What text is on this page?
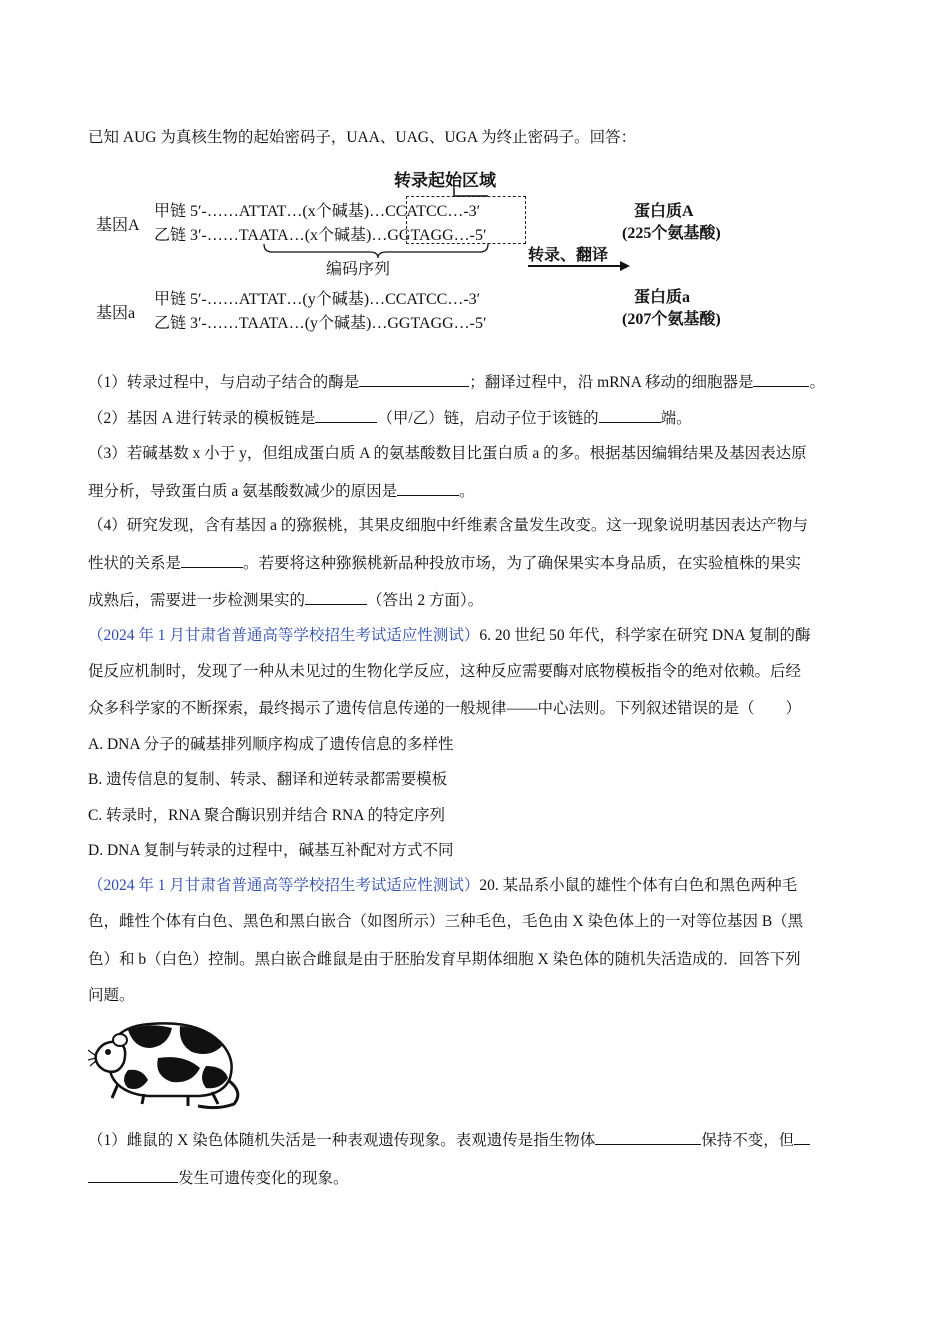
已知 AUG 为真核生物的起始密码子，UAA、UAG、UGA 为终止密码子。回答：
转录起始区域
基因A
甲链 5′-……ATTAT…(x个碱基)…CCATCC…-3′
乙链 3′-……TAATA…(x个碱基)…GGTAGG…-5′
编码序列
转录、翻译
蛋白质A
(225个氨基酸)
基因a
甲链 5′-……ATTAT…(y个碱基)…CCATCC…-3′
乙链 3′-……TAATA…(y个碱基)…GGTAGG…-5′
蛋白质a
(207个氨基酸)
（1）转录过程中，与启动子结合的酶是	；翻译过程中，沿 mRNA 移动的细胞器是	。
（2）基因 A 进行转录的模板链是	（甲/乙）链，启动子位于该链的	端。
（3）若碱基数 x 小于 y，但组成蛋白质 A 的氨基酸数目比蛋白质 a 的多。根据基因编辑结果及基因表达原
理分析，导致蛋白质 a 氨基酸数减少的原因是	。
（4）研究发现，含有基因 a 的猕猴桃，其果皮细胞中纤维素含量发生改变。这一现象说明基因表达产物与
性状的关系是	。若要将这种猕猴桃新品种投放市场，为了确保果实本身品质，在实验植株的果实
成熟后，需要进一步检测果实的	（答出 2 方面）。
（2024 年 1 月甘肃省普通高等学校招生考试适应性测试）6. 20 世纪 50 年代，科学家在研究 DNA 复制的酶
促反应机制时，发现了一种从未见过的生物化学反应，这种反应需要酶对底物模板指令的绝对依赖。后经
众多科学家的不断探索，最终揭示了遗传信息传递的一般规律——中心法则。下列叙述错误的是（　　）
A. DNA 分子的碱基排列顺序构成了遗传信息的多样性
B. 遗传信息的复制、转录、翻译和逆转录都需要模板
C. 转录时，RNA 聚合酶识别并结合 RNA 的特定序列
D. DNA 复制与转录的过程中，碱基互补配对方式不同
（2024 年 1 月甘肃省普通高等学校招生考试适应性测试）20. 某品系小鼠的雄性个体有白色和黑色两种毛
色，雌性个体有白色、黑色和黑白嵌合（如图所示）三种毛色，毛色由 X 染色体上的一对等位基因 B（黑
色）和 b（白色）控制。黑白嵌合雌鼠是由于胚胎发育早期体细胞 X 染色体的随机失活造成的．回答下列
问题。
（1）雌鼠的 X 染色体随机失活是一种表观遗传现象。表观遗传是指生物体	保持不变，但
发生可遗传变化的现象。
